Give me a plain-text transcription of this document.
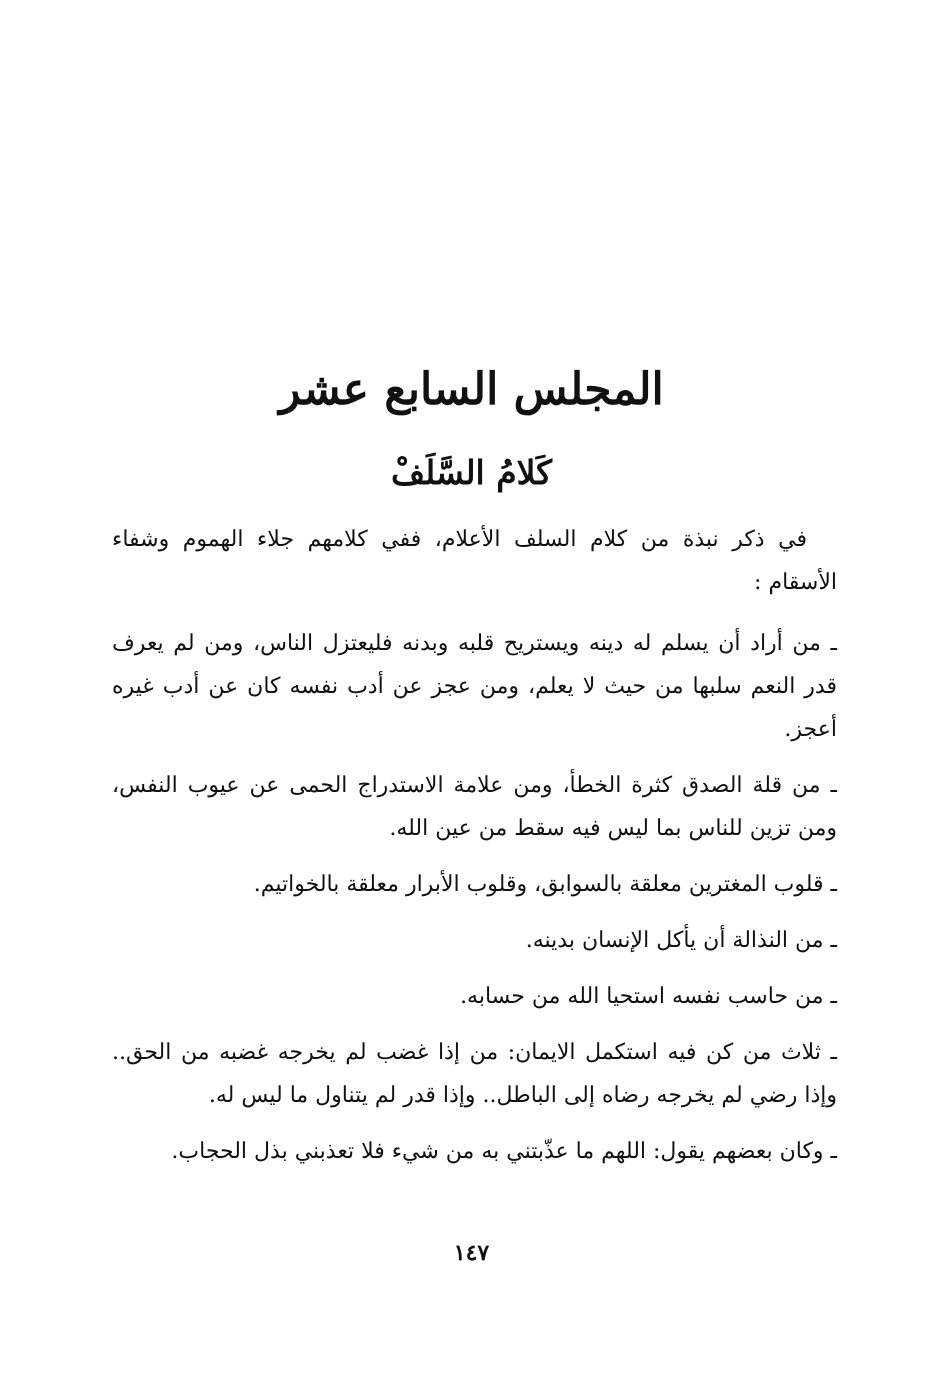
المجلس السابع عشر
كَلامُ السَّلَفْ

في ذكر نبذة من كلام السلف الأعلام، ففي كلامهم جلاء الهموم وشفاء الأسقام :

ـ من أراد أن يسلم له دينه ويستريح قلبه وبدنه فليعتزل الناس، ومن لم يعرف قدر النعم سلبها من حيث لا يعلم، ومن عجز عن أدب نفسه كان عن أدب غيره أعجز.
ـ من قلة الصدق كثرة الخطأ، ومن علامة الاستدراج الحمى عن عيوب النفس، ومن تزين للناس بما ليس فيه سقط من عين الله.
ـ قلوب المغترين معلقة بالسوابق، وقلوب الأبرار معلقة بالخواتيم.
ـ من النذالة أن يأكل الإنسان بدينه.
ـ من حاسب نفسه استحيا الله من حسابه.
ـ ثلاث من كن فيه استكمل الايمان: من إذا غضب لم يخرجه غضبه من الحق.. وإذا رضي لم يخرجه رضاه إلى الباطل.. وإذا قدر لم يتناول ما ليس له.
ـ وكان بعضهم يقول: اللهم ما عذّبتني به من شيء فلا تعذبني بذل الحجاب.
١٤٧
